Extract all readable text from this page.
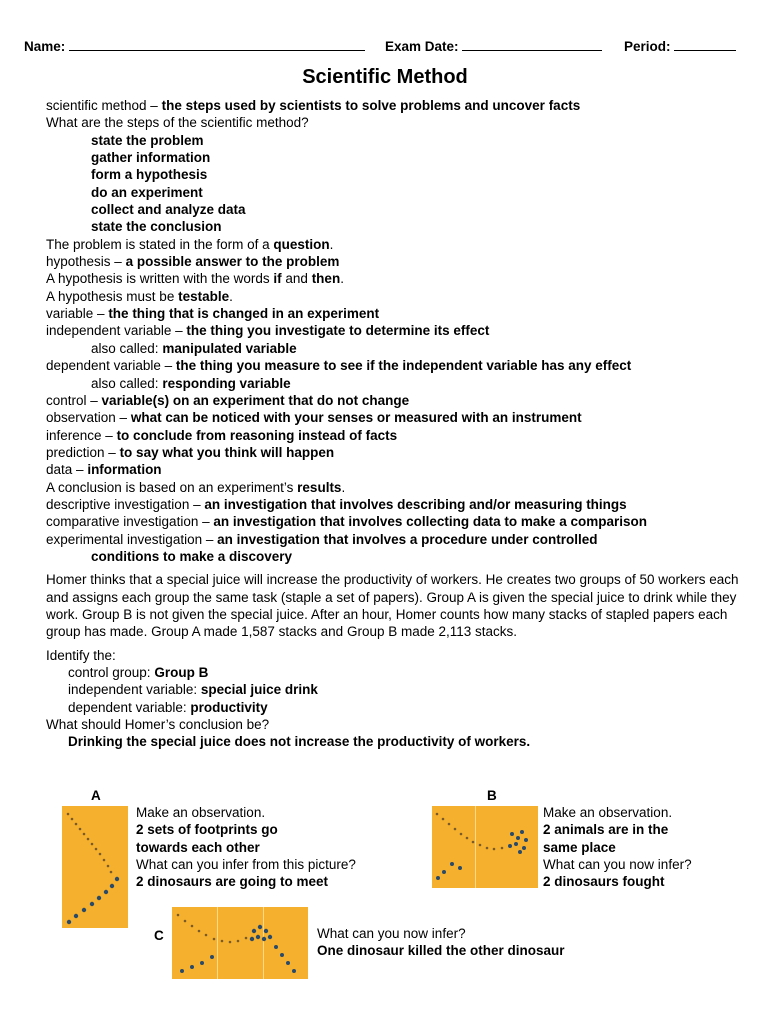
Name:	Exam Date:	Period:
Scientific Method
scientific method – the steps used by scientists to solve problems and uncover facts
What are the steps of the scientific method?
state the problem
gather information
form a hypothesis
do an experiment
collect and analyze data
state the conclusion
The problem is stated in the form of a question.
hypothesis – a possible answer to the problem
A hypothesis is written with the words if and then.
A hypothesis must be testable.
variable – the thing that is changed in an experiment
independent variable – the thing you investigate to determine its effect
also called: manipulated variable
dependent variable – the thing you measure to see if the independent variable has any effect
also called: responding variable
control – variable(s) on an experiment that do not change
observation – what can be noticed with your senses or measured with an instrument
inference – to conclude from reasoning instead of facts
prediction – to say what you think will happen
data – information
A conclusion is based on an experiment’s results.
descriptive investigation – an investigation that involves describing and/or measuring things
comparative investigation – an investigation that involves collecting data to make a comparison
experimental investigation – an investigation that involves a procedure under controlled
conditions to make a discovery
Homer thinks that a special juice will increase the productivity of workers. He creates two groups of 50 workers each and assigns each group the same task (staple a set of papers). Group A is given the special juice to drink while they work. Group B is not given the special juice. After an hour, Homer counts how many stacks of stapled papers each group has made. Group A made 1,587 stacks and Group B made 2,113 stacks.
Identify the:
control group: Group B
independent variable: special juice drink
dependent variable: productivity
What should Homer’s conclusion be?
Drinking the special juice does not increase the productivity of workers.
A
Make an observation.
2 sets of footprints go
towards each other
What can you infer from this picture?
2 dinosaurs are going to meet
B
Make an observation.
2 animals are in the
same place
What can you now infer?
2 dinosaurs fought
C	What can you now infer?
One dinosaur killed the other dinosaur
